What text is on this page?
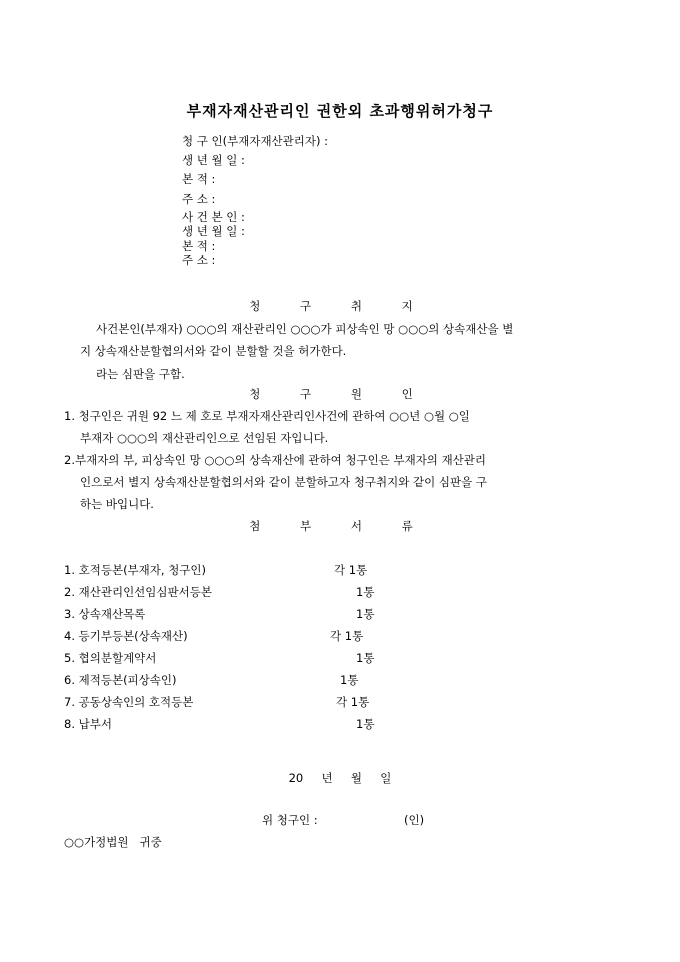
부재자재산관리인 권한외 초과행위허가청구
청 구 인(부재자재산관리자) :
생 년 월 일 :
본 적 :
주 소 :
사 건 본 인 :
생 년 월 일 :
본 적 :
주 소 :
청 구 취 지
사건본인(부재자) ○○○의 재산관리인 ○○○가 피상속인 망 ○○○의 상속재산을 별
지 상속재산분할협의서와 같이 분할할 것을 허가한다.
라는 심판을 구함.
청 구 원 인
1. 청구인은 귀원 92 느 제 호로 부재자재산관리인사건에 관하여 ○○년 ○월 ○일
부재자 ○○○의 재산관리인으로 선임된 자입니다.
2.부재자의 부, 피상속인 망 ○○○의 상속재산에 관하여 청구인은 부재자의 재산관리
인으로서 별지 상속재산분할협의서와 같이 분할하고자 청구취지와 같이 심판을 구
하는 바입니다.
첨 부 서 류
1. 호적등본(부재자, 청구인)	각 1통
2. 재산관리인선임심판서등본	1통
3. 상속재산목록	1통
4. 등기부등본(상속재산)	각 1통
5. 협의분할계약서	1통
6. 제적등본(피상속인)	1통
7. 공동상속인의 호적등본	각 1통
8. 납부서	1통
20     년     월     일
위 청구인 :	(인)
○○가정법원   귀중
